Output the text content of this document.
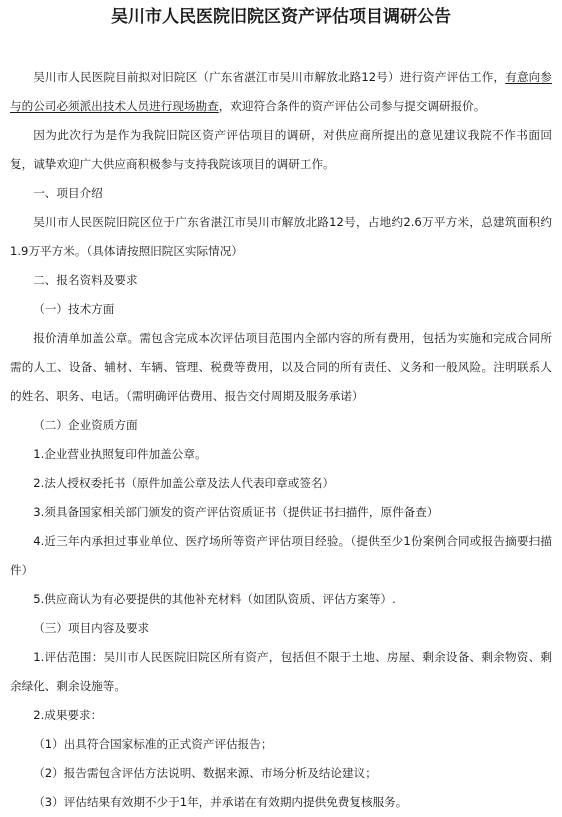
吴川市人民医院旧院区资产评估项目调研公告

吴川市人民医院目前拟对旧院区（广东省湛江市吴川市解放北路12号）进行资产评估工作，有意向参与的公司必须派出技术人员进行现场勘查，欢迎符合条件的资产评估公司参与提交调研报价。

因为此次行为是作为我院旧院区资产评估项目的调研，对供应商所提出的意见建议我院不作书面回复，诚挚欢迎广大供应商积极参与支持我院该项目的调研工作。

一、项目介绍

吴川市人民医院旧院区位于广东省湛江市吴川市解放北路12号，占地约2.6万平方米，总建筑面积约1.9万平方米。（具体请按照旧院区实际情况）

二、报名资料及要求

（一）技术方面

报价清单加盖公章。需包含完成本次评估项目范围内全部内容的所有费用，包括为实施和完成合同所需的人工、设备、辅材、车辆、管理、税费等费用，以及合同的所有责任、义务和一般风险。注明联系人的姓名、职务、电话。（需明确评估费用、报告交付周期及服务承诺）

（二）企业资质方面

1.企业营业执照复印件加盖公章。

2.法人授权委托书（原件加盖公章及法人代表印章或签名）

3.须具备国家相关部门颁发的资产评估资质证书（提供证书扫描件，原件备查）

4.近三年内承担过事业单位、医疗场所等资产评估项目经验。（提供至少1份案例合同或报告摘要扫描件）

5.供应商认为有必要提供的其他补充材料（如团队资质、评估方案等）.

（三）项目内容及要求

1.评估范围：吴川市人民医院旧院区所有资产，包括但不限于土地、房屋、剩余设备、剩余物资、剩余绿化、剩余设施等。

2.成果要求：

（1）出具符合国家标准的正式资产评估报告；

（2）报告需包含评估方法说明、数据来源、市场分析及结论建议；

（3）评估结果有效期不少于1年，并承诺在有效期内提供免费复核服务。
